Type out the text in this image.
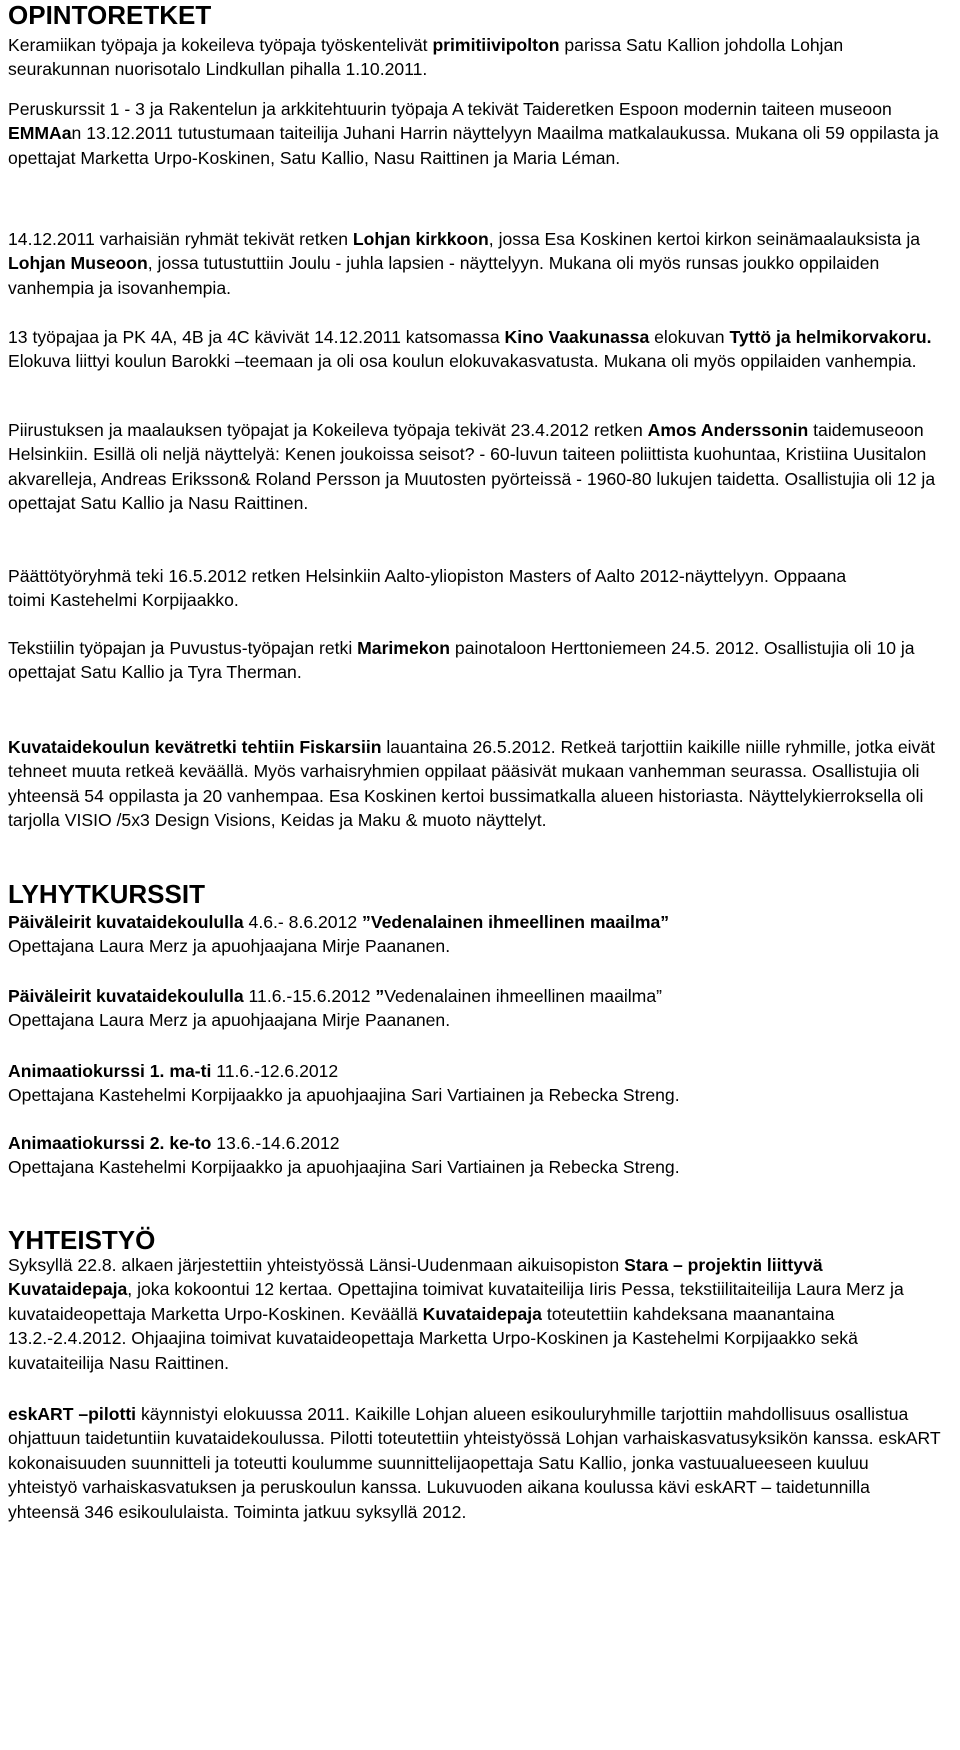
OPINTORETKET

Keramiikan työpaja ja kokeileva työpaja työskentelivät primitiivipolton parissa Satu Kallion johdolla Lohjan seurakunnan nuorisotalo Lindkullan pihalla 1.10.2011.

Peruskurssit 1 - 3 ja Rakentelun ja arkkitehtuurin työpaja A tekivät Taideretken Espoon modernin taiteen museoon EMMAan 13.12.2011 tutustumaan taiteilija Juhani Harrin näyttelyyn Maailma matkalaukussa. Mukana oli 59 oppilasta ja opettajat Marketta Urpo-Koskinen, Satu Kallio, Nasu Raittinen ja Maria Léman.

14.12.2011 varhaisiän ryhmät tekivät retken Lohjan kirkkoon, jossa Esa Koskinen kertoi kirkon seinämaalauksista ja Lohjan Museoon, jossa tutustuttiin Joulu - juhla lapsien - näyttelyyn. Mukana oli myös runsas joukko oppilaiden vanhempia ja isovanhempia.

13 työpajaa ja PK 4A, 4B ja 4C kävivät 14.12.2011 katsomassa Kino Vaakunassa elokuvan Tyttö ja helmikorvakoru. Elokuva liittyi koulun Barokki –teemaan ja oli osa koulun elokuvakasvatusta. Mukana oli myös oppilaiden vanhempia.

Piirustuksen ja maalauksen työpajat ja Kokeileva työpaja tekivät 23.4.2012 retken Amos Anderssonin taidemuseoon Helsinkiin. Esillä oli neljä näyttelyä: Kenen joukoissa seisot? - 60-luvun taiteen poliittista kuohuntaa, Kristiina Uusitalon akvarelleja, Andreas Eriksson& Roland Persson ja Muutosten pyörteissä - 1960-80 lukujen taidetta. Osallistujia oli 12 ja opettajat Satu Kallio ja Nasu Raittinen.

Päättötyöryhmä teki 16.5.2012 retken Helsinkiin Aalto-yliopiston Masters of Aalto 2012-näyttelyyn. Oppaana toimi Kastehelmi Korpijaakko.

Tekstiilin työpajan ja Puvustus-työpajan retki Marimekon painotaloon Herttoniemeen 24.5. 2012. Osallistujia oli 10 ja opettajat Satu Kallio ja Tyra Therman.

Kuvataidekoulun kevätretki tehtiin Fiskarsiin lauantaina 26.5.2012. Retkeä tarjottiin kaikille niille ryhmille, jotka eivät tehneet muuta retkeä keväällä. Myös varhaisryhmien oppilaat pääsivät mukaan vanhemman seurassa. Osallistujia oli yhteensä 54 oppilasta ja 20 vanhempaa. Esa Koskinen kertoi bussimatkalla alueen historiasta. Näyttelykierroksella oli tarjolla VISIO /5x3 Design Visions, Keidas ja Maku & muoto näyttelyt.

LYHYTKURSSIT

Päiväleirit kuvataidekoululla 4.6.- 8.6.2012 ”Vedenalainen ihmeellinen maailma”
Opettajana Laura Merz ja apuohjaajana Mirje Paananen.

Päiväleirit kuvataidekoululla 11.6.-15.6.2012 ”Vedenalainen ihmeellinen maailma”
Opettajana Laura Merz ja apuohjaajana Mirje Paananen.

Animaatiokurssi 1. ma-ti 11.6.-12.6.2012
Opettajana Kastehelmi Korpijaakko ja apuohjaajina Sari Vartiainen ja Rebecka Streng.

Animaatiokurssi 2. ke-to 13.6.-14.6.2012
Opettajana Kastehelmi Korpijaakko ja apuohjaajina Sari Vartiainen ja Rebecka Streng.

YHTEISTYÖ

Syksyllä 22.8. alkaen järjestettiin yhteistyössä Länsi-Uudenmaan aikuisopiston Stara – projektin liittyvä Kuvataidepaja, joka kokoontui 12 kertaa. Opettajina toimivat kuvataiteilija Iiris Pessa, tekstiilitaiteilija Laura Merz ja kuvataideopettaja Marketta Urpo-Koskinen. Keväällä Kuvataidepaja toteutettiin kahdeksana maanantaina 13.2.-2.4.2012. Ohjaajina toimivat kuvataideopettaja Marketta Urpo-Koskinen ja Kastehelmi Korpijaakko sekä kuvataiteilija Nasu Raittinen.

eskART –pilotti käynnistyi elokuussa 2011. Kaikille Lohjan alueen esikouluryhmille tarjottiin mahdollisuus osallistua ohjattuun taidetuntiin kuvataidekoulussa. Pilotti toteutettiin yhteistyössä Lohjan varhaiskasvatusyksikön kanssa. eskART kokonaisuuden suunnitteli ja toteutti koulumme suunnittelijaopettaja Satu Kallio, jonka vastuualueeseen kuuluu yhteistyö varhaiskasvatuksen ja peruskoulun kanssa. Lukuvuoden aikana koulussa kävi eskART – taidetunnilla yhteensä 346 esikoululaista. Toiminta jatkuu syksyllä 2012.
